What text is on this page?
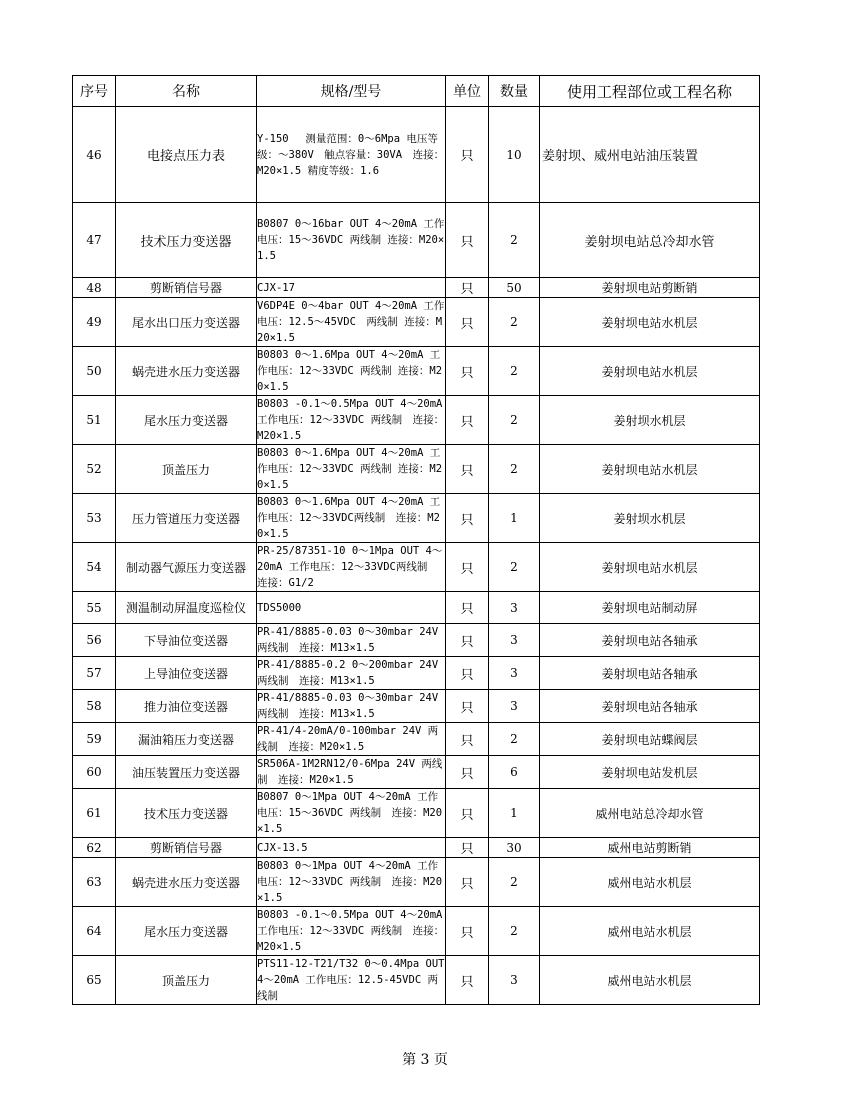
序号	名称	规格/型号	单位	数量	使用工程部位或工程名称
46	电接点压力表	Y-150　 测量范围：0～6Mpa 电压等级：～380V　触点容量：30VA　连接：M20×1.5 精度等级：1.6	只	10	姜射坝、威州电站油压装置
47	技术压力变送器	B0807 0～16bar OUT 4～20mA 工作电压：15～36VDC 两线制 连接：M20×1.5	只	2	姜射坝电站总冷却水管
48	剪断销信号器	CJX-17	只	50	姜射坝电站剪断销
49	尾水出口压力变送器	V6DP4E 0～4bar OUT 4～20mA 工作电压：12.5～45VDC　两线制 连接：M20×1.5	只	2	姜射坝电站水机层
50	蜗壳进水压力变送器	B0803 0～1.6Mpa OUT 4～20mA 工作电压：12～33VDC 两线制 连接：M20×1.5	只	2	姜射坝电站水机层
51	尾水压力变送器	B0803 -0.1～0.5Mpa OUT 4～20mA 工作电压：12～33VDC 两线制　连接：M20×1.5	只	2	姜射坝水机层
52	顶盖压力	B0803 0～1.6Mpa OUT 4～20mA 工作电压：12～33VDC 两线制 连接：M20×1.5	只	2	姜射坝电站水机层
53	压力管道压力变送器	B0803 0～1.6Mpa OUT 4～20mA 工作电压：12～33VDC两线制　连接：M20×1.5	只	1	姜射坝水机层
54	制动器气源压力变送器	PR-25/87351-10 0～1Mpa OUT 4～20mA 工作电压：12～33VDC两线制　连接：G1/2	只	2	姜射坝电站水机层
55	测温制动屏温度巡检仪	TDS5000	只	3	姜射坝电站制动屏
56	下导油位变送器	PR-41/8885-0.03 0～30mbar 24V 两线制　连接：M13×1.5	只	3	姜射坝电站各轴承
57	上导油位变送器	PR-41/8885-0.2 0～200mbar 24V 两线制　连接：M13×1.5	只	3	姜射坝电站各轴承
58	推力油位变送器	PR-41/8885-0.03 0～30mbar 24V 两线制　连接：M13×1.5	只	3	姜射坝电站各轴承
59	漏油箱压力变送器	PR-41/4-20mA/0-100mbar 24V 两线制　连接：M20×1.5	只	2	姜射坝电站蝶阀层
60	油压装置压力变送器	SR506A-1M2RN12/0-6Mpa 24V 两线制　连接：M20×1.5	只	6	姜射坝电站发机层
61	技术压力变送器	B0807 0～1Mpa OUT 4～20mA 工作电压：15～36VDC 两线制　连接：M20×1.5	只	1	威州电站总冷却水管
62	剪断销信号器	CJX-13.5	只	30	威州电站剪断销
63	蜗壳进水压力变送器	B0803 0～1Mpa OUT 4～20mA 工作电压：12～33VDC 两线制　连接：M20×1.5	只	2	威州电站水机层
64	尾水压力变送器	B0803 -0.1～0.5Mpa OUT 4～20mA 工作电压：12～33VDC 两线制　连接：M20×1.5	只	2	威州电站水机层
65	顶盖压力	PTS11-12-T21/T32 0～0.4Mpa OUT 4～20mA 工作电压：12.5-45VDC 两线制	只	3	威州电站水机层
第 3 页
